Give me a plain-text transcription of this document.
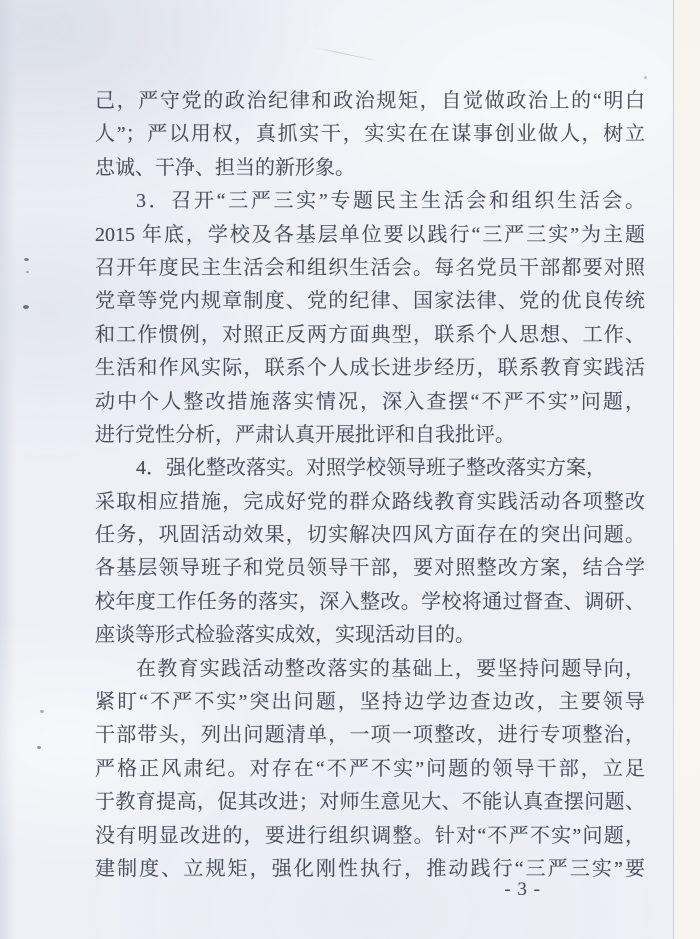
己，严守党的政治纪律和政治规矩，自觉做政治上的“明白
人”；严以用权，真抓实干，实实在在谋事创业做人，树立
忠诚、干净、担当的新形象。
3．召开“三严三实”专题民主生活会和组织生活会。
2015 年底，学校及各基层单位要以践行“三严三实”为主题
召开年度民主生活会和组织生活会。每名党员干部都要对照
党章等党内规章制度、党的纪律、国家法律、党的优良传统
和工作惯例，对照正反两方面典型，联系个人思想、工作、
生活和作风实际，联系个人成长进步经历，联系教育实践活
动中个人整改措施落实情况，深入查摆“不严不实”问题，
进行党性分析，严肃认真开展批评和自我批评。
4．强化整改落实。对照学校领导班子整改落实方案，
采取相应措施，完成好党的群众路线教育实践活动各项整改
任务，巩固活动效果，切实解决四风方面存在的突出问题。
各基层领导班子和党员领导干部，要对照整改方案，结合学
校年度工作任务的落实，深入整改。学校将通过督查、调研、
座谈等形式检验落实成效，实现活动目的。
在教育实践活动整改落实的基础上，要坚持问题导向，
紧盯“不严不实”突出问题，坚持边学边查边改，主要领导
干部带头，列出问题清单，一项一项整改，进行专项整治，
严格正风肃纪。对存在“不严不实”问题的领导干部，立足
于教育提高，促其改进；对师生意见大、不能认真查摆问题、
没有明显改进的，要进行组织调整。针对“不严不实”问题，
建制度、立规矩，强化刚性执行，推动践行“三严三实”要
- 3 -
